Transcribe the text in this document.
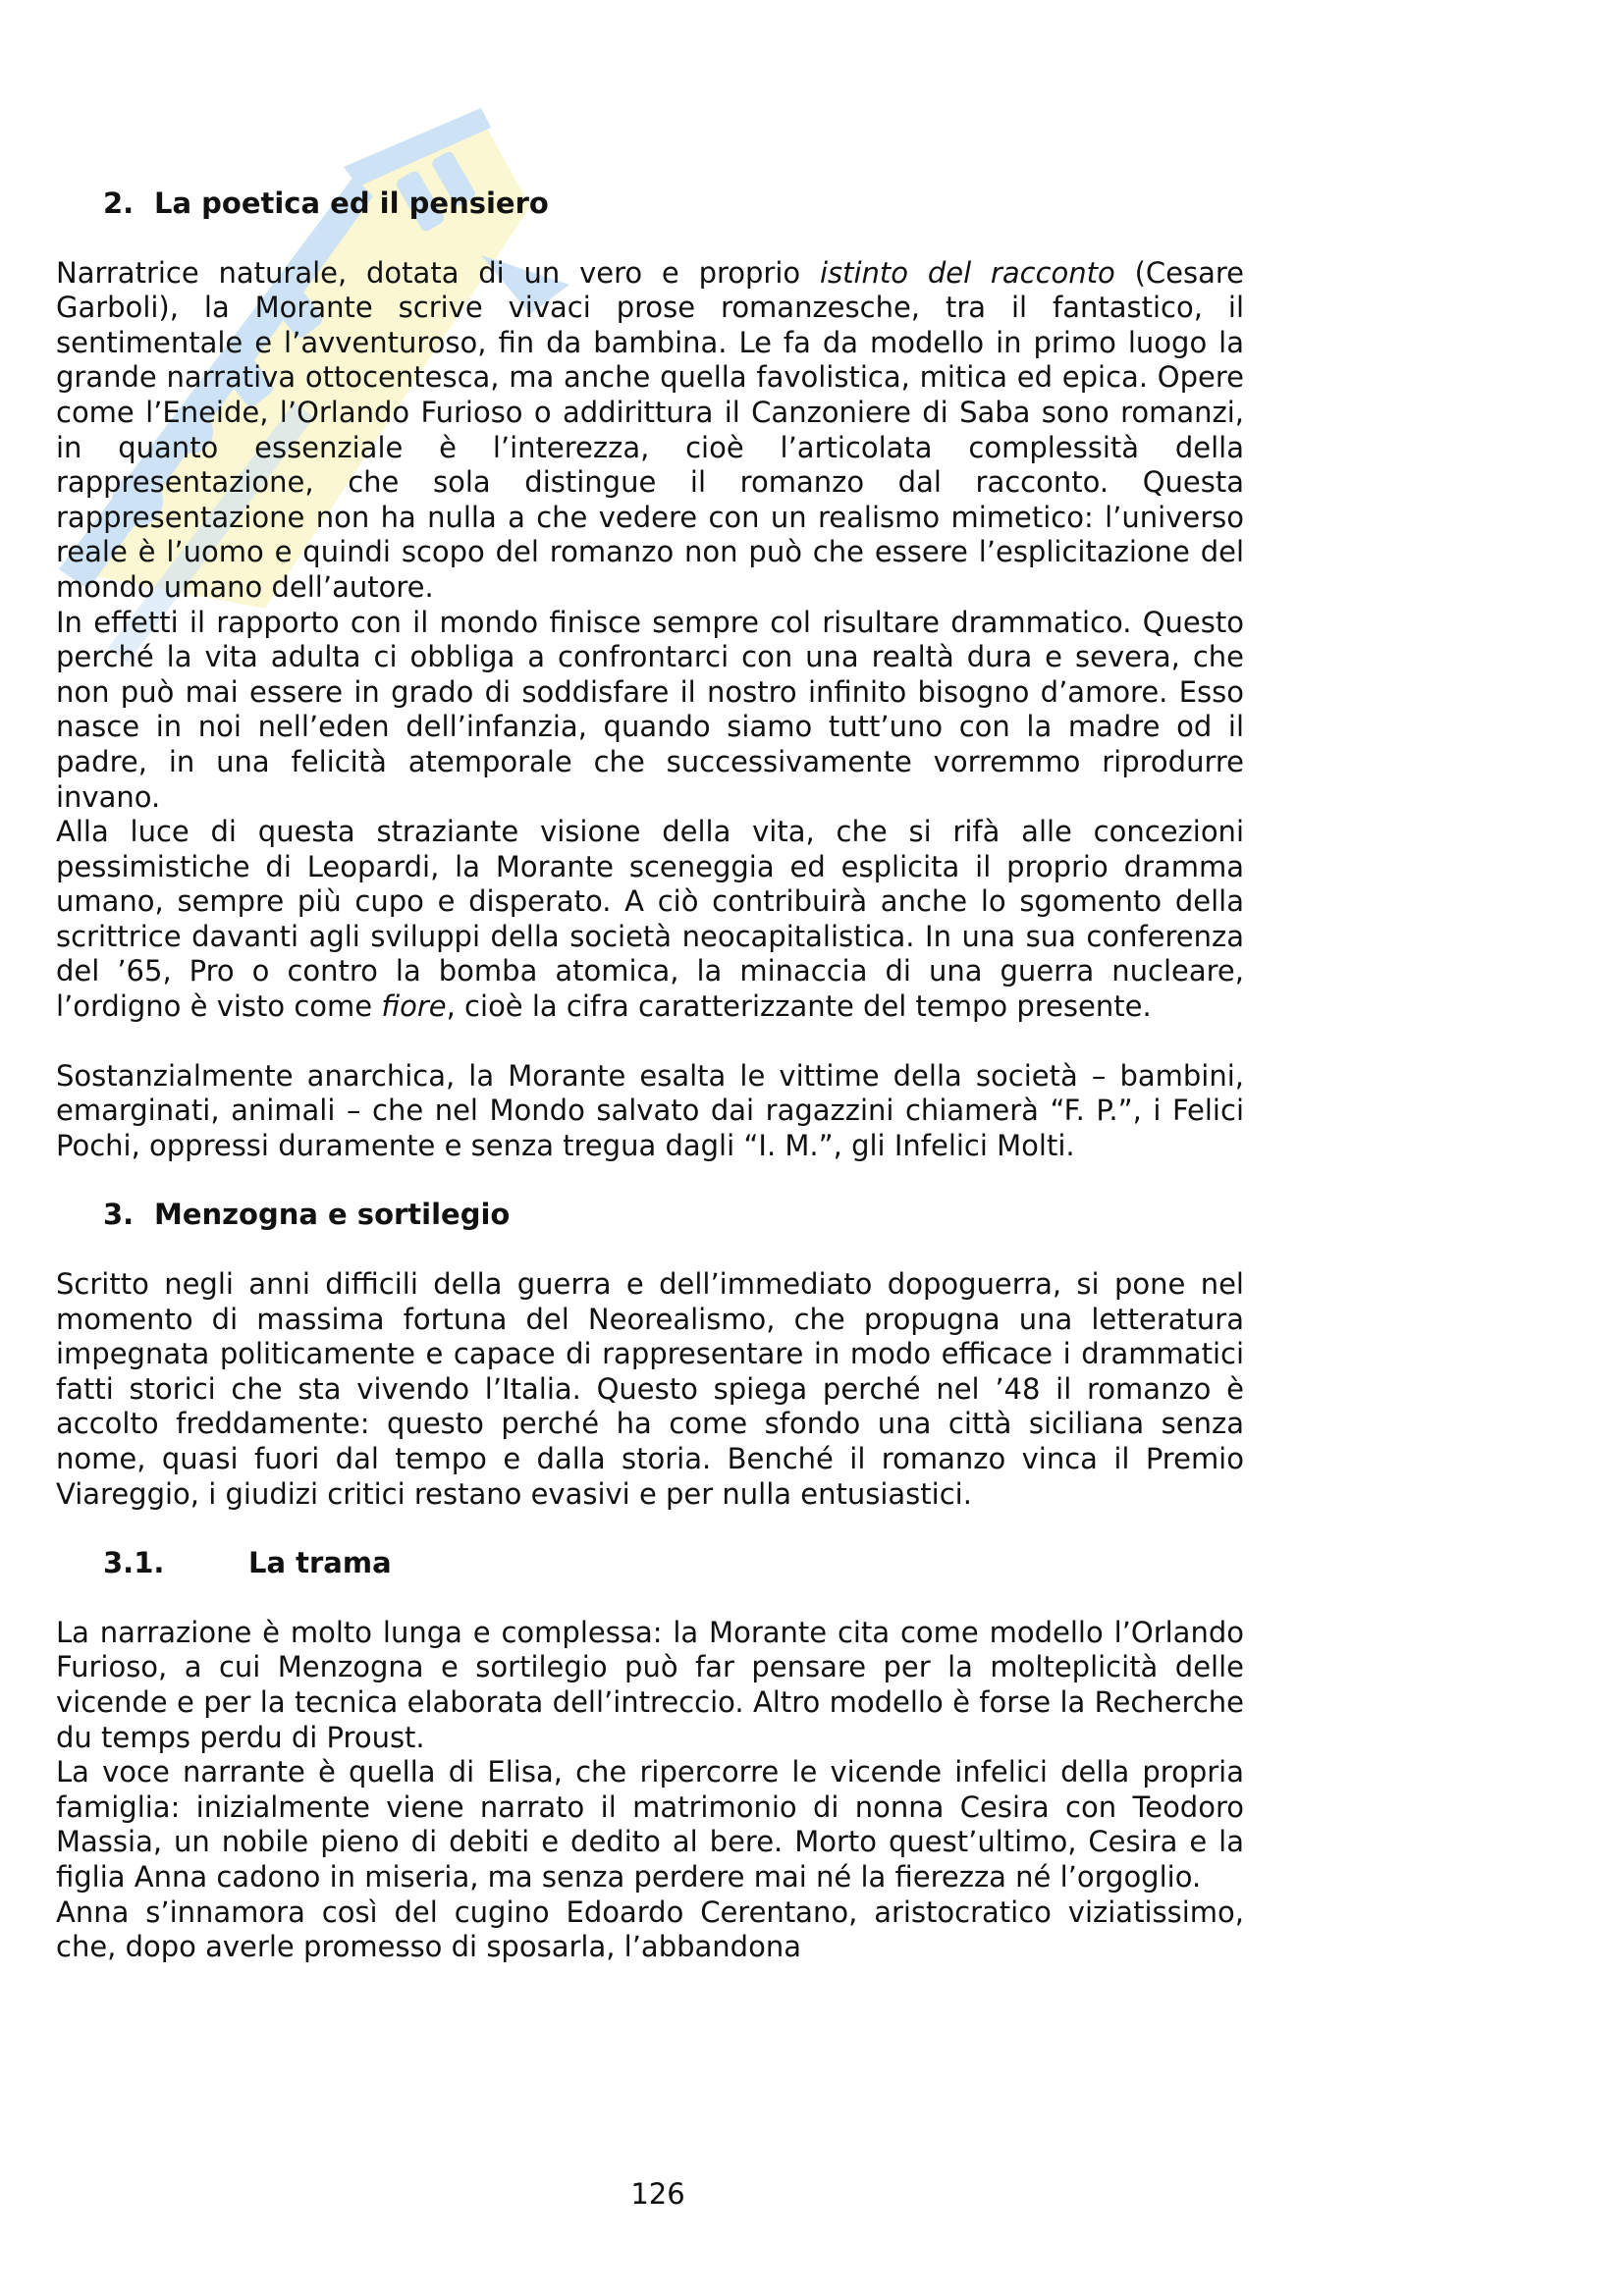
2. La poetica ed il pensiero

Narratrice naturale, dotata di un vero e proprio istinto del racconto (Cesare Garboli), la Morante scrive vivaci prose romanzesche, tra il fantastico, il sentimentale e l’avventuroso, fin da bambina. Le fa da modello in primo luogo la grande narrativa ottocentesca, ma anche quella favolistica, mitica ed epica. Opere come l’Eneide, l’Orlando Furioso o addirittura il Canzoniere di Saba sono romanzi, in quanto essenziale è l’interezza, cioè l’articolata complessità della rappresentazione, che sola distingue il romanzo dal racconto. Questa rappresentazione non ha nulla a che vedere con un realismo mimetico: l’universo reale è l’uomo e quindi scopo del romanzo non può che essere l’esplicitazione del mondo umano dell’autore.

In effetti il rapporto con il mondo finisce sempre col risultare drammatico. Questo perché la vita adulta ci obbliga a confrontarci con una realtà dura e severa, che non può mai essere in grado di soddisfare il nostro infinito bisogno d’amore. Esso nasce in noi nell’eden dell’infanzia, quando siamo tutt’uno con la madre od il padre, in una felicità atemporale che successivamente vorremmo riprodurre invano.

Alla luce di questa straziante visione della vita, che si rifà alle concezioni pessimistiche di Leopardi, la Morante sceneggia ed esplicita il proprio dramma umano, sempre più cupo e disperato. A ciò contribuirà anche lo sgomento della scrittrice davanti agli sviluppi della società neocapitalistica. In una sua conferenza del ’65, Pro o contro la bomba atomica, la minaccia di una guerra nucleare, l’ordigno è visto come fiore, cioè la cifra caratterizzante del tempo presente.

Sostanzialmente anarchica, la Morante esalta le vittime della società – bambini, emarginati, animali – che nel Mondo salvato dai ragazzini chiamerà “F. P.”, i Felici Pochi, oppressi duramente e senza tregua dagli “I. M.”, gli Infelici Molti.

3. Menzogna e sortilegio

Scritto negli anni difficili della guerra e dell’immediato dopoguerra, si pone nel momento di massima fortuna del Neorealismo, che propugna una letteratura impegnata politicamente e capace di rappresentare in modo efficace i drammatici fatti storici che sta vivendo l’Italia. Questo spiega perché nel ’48 il romanzo è accolto freddamente: questo perché ha come sfondo una città siciliana senza nome, quasi fuori dal tempo e dalla storia. Benché il romanzo vinca il Premio Viareggio, i giudizi critici restano evasivi e per nulla entusiastici.

3.1.	La trama

La narrazione è molto lunga e complessa: la Morante cita come modello l’Orlando Furioso, a cui Menzogna e sortilegio può far pensare per la molteplicità delle vicende e per la tecnica elaborata dell’intreccio. Altro modello è forse la Recherche du temps perdu di Proust.

La voce narrante è quella di Elisa, che ripercorre le vicende infelici della propria famiglia: inizialmente viene narrato il matrimonio di nonna Cesira con Teodoro Massia, un nobile pieno di debiti e dedito al bere. Morto quest’ultimo, Cesira e la figlia Anna cadono in miseria, ma senza perdere mai né la fierezza né l’orgoglio.

Anna s’innamora così del cugino Edoardo Cerentano, aristocratico viziatissimo, che, dopo averle promesso di sposarla, l’abbandona

126
